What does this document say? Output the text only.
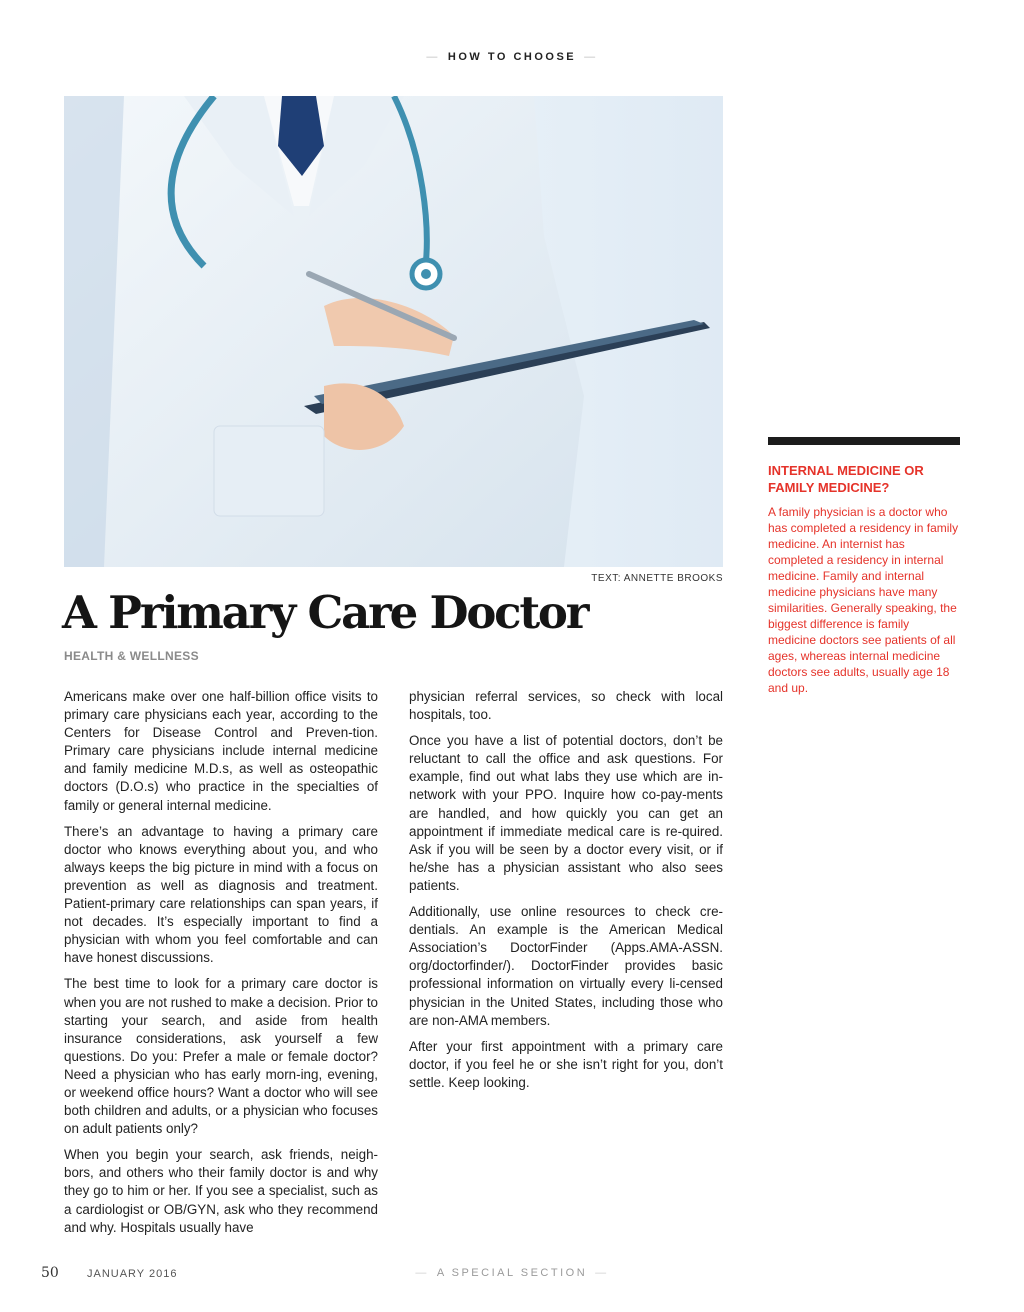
— HOW TO CHOOSE —
TEXT: ANNETTE BROOKS
A Primary Care Doctor
HEALTH & WELLNESS

Americans make over one half-billion office visits to primary care physicians each year, according to the Centers for Disease Control and Preven-tion. Primary care physicians include internal medicine and family medicine M.D.s, as well as osteopathic doctors (D.O.s) who practice in the specialties of family or general internal medicine.

There’s an advantage to having a primary care doctor who knows everything about you, and who always keeps the big picture in mind with a focus on prevention as well as diagnosis and treatment. Patient-primary care relationships can span years, if not decades. It’s especially important to find a physician with whom you feel comfortable and can have honest discussions.

The best time to look for a primary care doctor is when you are not rushed to make a decision. Prior to starting your search, and aside from health insurance considerations, ask yourself a few questions. Do you: Prefer a male or female doctor? Need a physician who has early morn-ing, evening, or weekend office hours? Want a doctor who will see both children and adults, or a physician who focuses on adult patients only?

When you begin your search, ask friends, neigh-bors, and others who their family doctor is and why they go to him or her. If you see a specialist, such as a cardiologist or OB/GYN, ask who they recommend and why. Hospitals usually have

physician referral services, so check with local hospitals, too.

Once you have a list of potential doctors, don’t be reluctant to call the office and ask questions. For example, find out what labs they use which are in-network with your PPO. Inquire how co-pay-ments are handled, and how quickly you can get an appointment if immediate medical care is re-quired. Ask if you will be seen by a doctor every visit, or if he/she has a physician assistant who also sees patients.

Additionally, use online resources to check cre-dentials. An example is the American Medical Association’s DoctorFinder (Apps.AMA-ASSN. org/doctorfinder/). DoctorFinder provides basic professional information on virtually every li-censed physician in the United States, including those who are non-AMA members.

After your first appointment with a primary care doctor, if you feel he or she isn’t right for you, don’t settle. Keep looking.

INTERNAL MEDICINE OR
FAMILY MEDICINE?
A family physician is a doctor who has completed a residency in family medicine. An internist has completed a residency in internal medicine. Family and internal medicine physicians have many similarities. Generally speaking, the biggest difference is family medicine doctors see patients of all ages, whereas internal medicine doctors see adults, usually age 18 and up.
50	JANUARY 2016	— A SPECIAL SECTION —
